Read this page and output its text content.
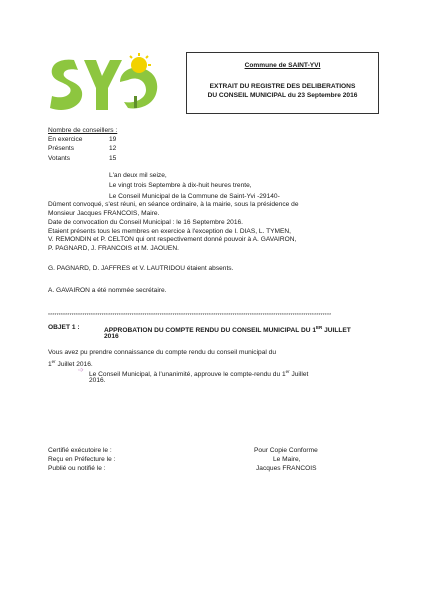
Commune de SAINT-YVI
EXTRAIT DU REGISTRE DES DELIBERATIONS
DU CONSEIL MUNICIPAL du 23 Septembre 2016
Nombre de conseillers :
En exercice	19
Présents	12
Votants	15
L'an deux mil seize,
Le vingt trois Septembre à dix-huit heures trente,
Le Conseil Municipal de la Commune de Saint-Yvi -29140-
Dûment convoqué, s'est réuni, en séance ordinaire, à la mairie, sous la présidence de
Monsieur Jacques FRANCOIS, Maire.
Date de convocation du Conseil Municipal : le 16 Septembre 2016.
Etaient présents tous les membres en exercice à l'exception de I. DIAS, L. TYMEN,
V. REMONDIN et P. CELTON qui ont respectivement donné pouvoir à A. GAVAIRON,
P. PAGNARD, J. FRANCOIS et M. JAOUEN.
G. PAGNARD, D. JAFFRES et V. LAUTRIDOU étaient absents.
A. GAVAIRON a été nommée secrétaire.
************************************************************************************************************************************
OBJET 1 :	APPROBATION DU COMPTE RENDU DU CONSEIL MUNICIPAL DU 1ER JUILLET
2016
Vous avez pu prendre connaissance du compte rendu du conseil municipal du
1er Juillet 2016.
➩
Le Conseil Municipal, à l'unanimité, approuve le compte-rendu du 1er Juillet
2016.
Certifié exécutoire le :
Reçu en Préfecture le :
Publié ou notifié le :
Pour Copie Conforme
Le Maire,
Jacques FRANCOIS
